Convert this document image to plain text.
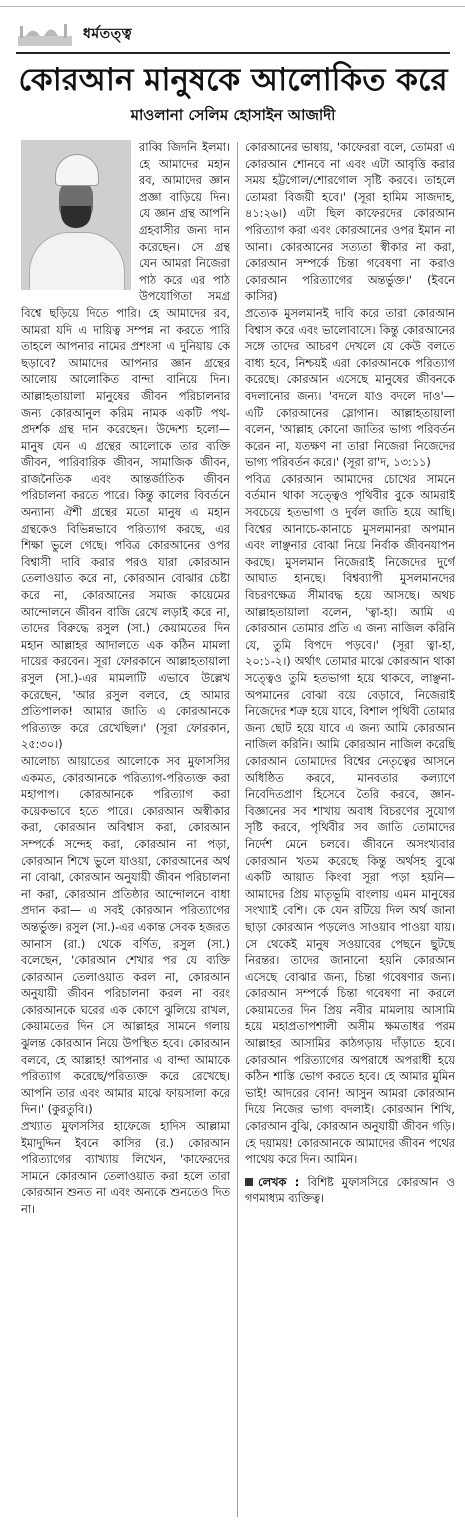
ধর্মতত্ত্ব
কোরআন মানুষকে আলোকিত করে
মাওলানা সেলিম হোসাইন আজাদী

রাব্বি জিদনি ইলমা। হে আমাদের মহান রব, আমাদের জ্ঞান প্রজ্ঞা বাড়িয়ে দিন। যে জ্ঞান গ্রন্থ আপনি গ্রহবাসীর জন্য দান করেছেন। সে গ্রন্থ যেন আমরা নিজেরা পাঠ করে এর পাঠ উপযোগিতা সমগ্র বিশ্বে ছড়িয়ে দিতে পারি। হে আমাদের রব, আমরা যদি এ দায়িত্ব সম্পন্ন না করতে পারি তাহলে আপনার নামের প্রশংসা এ দুনিয়ায় কে ছড়াবে? আমাদের আপনার জ্ঞান গ্রন্থের আলোয় আলোকিত বান্দা বানিয়ে দিন। আল্লাহতায়ালা মানুষের জীবন পরিচালনার জন্য কোরআনুল করিম নামক একটি পথ-প্রদর্শক গ্রন্থ দান করেছেন। উদ্দেশ্য হলো— মানুষ যেন এ গ্রন্থের আলোকে তার ব্যক্তি জীবন, পারিবারিক জীবন, সামাজিক জীবন, রাজনৈতিক এবং আন্তর্জাতিক জীবন পরিচালনা করতে পারে। কিন্তু কালের বিবর্তনে অন্যান্য ঐশী গ্রন্থের মতো মানুষ এ মহান গ্রন্থকেও বিভিন্নভাবে পরিত্যাগ করছে, এর শিক্ষা ভুলে গেছে। পবিত্র কোরআনের ওপর বিশ্বাসী দাবি করার পরও যারা কোরআন তেলাওয়াত করে না, কোরআন বোঝার চেষ্টা করে না, কোরআনের সমাজ কায়েমের আন্দোলনে জীবন বাজি রেখে লড়াই করে না, তাদের বিরুদ্ধে রসুল (সা.) কেয়ামতের দিন মহান আল্লাহর আদালতে এক কঠিন মামলা দায়ের করবেন। সূরা ফোরকানে আল্লাহতায়ালা রসুল (সা.)-এর মামলাটি এভাবে উল্লেখ করেছেন, 'আর রসুল বলবে, হে আমার প্রতিপালক! আমার জাতি এ কোরআনকে পরিত্যক্ত করে রেখেছিল।' (সূরা ফোরকান, ২৫:৩০।)

আলোচ্য আয়াতের আলোকে সব মুফাসসির একমত, কোরআনকে পরিত্যাগ-পরিত্যক্ত করা মহাপাপ। কোরআনকে পরিত্যাগ করা কয়েকভাবে হতে পারে। কোরআন অস্বীকার করা, কোরআন অবিশ্বাস করা, কোরআন সম্পর্কে সন্দেহ করা, কোরআন না পড়া, কোরআন শিখে ভুলে যাওয়া, কোরআনের অর্থ না বোঝা, কোরআন অনুযায়ী জীবন পরিচালনা না করা, কোরআন প্রতিষ্ঠার আন্দোলনে বাধা প্রদান করা— এ সবই কোরআন পরিত্যাগের অন্তর্ভুক্ত। রসুল (সা.)-এর একান্ত সেবক হজরত আনাস (রা.) থেকে বর্ণিত, রসুল (সা.) বলেছেন, 'কোরআন শেখার পর যে ব্যক্তি কোরআন তেলাওয়াত করল না, কোরআন অনুযায়ী জীবন পরিচালনা করল না বরং কোরআনকে ঘরের এক কোণে ঝুলিয়ে রাখল, কেয়ামতের দিন সে আল্লাহর সামনে গলায় ঝুলন্ত কোরআন নিয়ে উপস্থিত হবে। কোরআন বলবে, হে আল্লাহ! আপনার এ বান্দা আমাকে পরিত্যাগ করেছে/পরিত্যক্ত করে রেখেছে। আপনি তার এবং আমার মাঝে ফায়সালা করে দিন।' (কুরতুবি।)

প্রখ্যাত মুফাসসির হাফেজে হাদিস আল্লামা ইমাদুদ্দিন ইবনে কাসির (র.) কোরআন পরিত্যাগের ব্যাখ্যায় লিখেন, 'কাফেরদের সামনে কোরআন তেলাওয়াত করা হলে তারা কোরআন শুনত না এবং অন্যকে শুনতেও দিত না।

কোরআনের ভাষায়, 'কাফেররা বলে, তোমরা এ কোরআন শোনবে না এবং এটা আবৃত্তি করার সময় হট্টগোল/শোরগোল সৃষ্টি করবে। তাহলে তোমরা বিজয়ী হবে।' (সূরা হামিম সাজদাহ, ৪১:২৬।) এটা ছিল কাফেরদের কোরআন পরিত্যাগ করা এবং কোরআনের ওপর ইমান না আনা। কোরআনের সত্যতা স্বীকার না করা, কোরআন সম্পর্কে চিন্তা গবেষণা না করাও কোরআন পরিত্যাগের অন্তর্ভুক্ত।' (ইবনে কাসির)

প্রত্যেক মুসলমানই দাবি করে তারা কোরআন বিশ্বাস করে এবং ভালোবাসে। কিন্তু কোরআনের সঙ্গে তাদের আচরণ দেখলে যে কেউ বলতে বাধ্য হবে, নিশ্চয়ই এরা কোরআনকে পরিত্যাগ করেছে। কোরআন এসেছে মানুষের জীবনকে বদলানোর জন্য। 'বদলে যাও বদলে দাও'— এটি কোরআনের স্লোগান। আল্লাহতায়ালা বলেন, 'আল্লাহ কোনো জাতির ভাগ্য পরিবর্তন করেন না, যতক্ষণ না তারা নিজেরা নিজেদের ভাগ্য পরিবর্তন করে।' (সূরা রা'দ, ১৩:১১)

পবিত্র কোরআন আমাদের চোখের সামনে বর্তমান থাকা সত্ত্বেও পৃথিবীর বুকে আমরাই সবচেয়ে হতভাগা ও দুর্বল জাতি হয়ে আছি। বিশ্বের আনাচে-কানাচে মুসলমানরা অপমান এবং লাঞ্ছনার বোঝা নিয়ে নির্বাক জীবনযাপন করছে। মুসলমান নিজেরাই নিজেদের দুর্গে আঘাত হানছে। বিশ্বব্যাপী মুসলমানদের বিচরণক্ষেত্র সীমাবদ্ধ হয়ে আসছে। অথচ আল্লাহতায়ালা বলেন, 'ত্বা-হা। আমি এ কোরআন তোমার প্রতি এ জন্য নাজিল করিনি যে, তুমি বিপদে পড়বে।' (সূরা ত্বা-হা, ২০:১-২।) অর্থাৎ তোমার মাঝে কোরআন থাকা সত্ত্বেও তুমি হতভাগা হয়ে থাকবে, লাঞ্ছনা-অপমানের বোঝা বয়ে বেড়াবে, নিজেরাই নিজেদের শত্রু হয়ে যাবে, বিশাল পৃথিবী তোমার জন্য ছোট হয়ে যাবে এ জন্য আমি কোরআন নাজিল করিনি। আমি কোরআন নাজিল করেছি কোরআন তোমাদের বিশ্বের নেতৃত্বের আসনে অধিষ্ঠিত করবে, মানবতার কল্যাণে নিবেদিতপ্রাণ হিসেবে তৈরি করবে, জ্ঞান-বিজ্ঞানের সব শাখায় অবাধ বিচরণের সুযোগ সৃষ্টি করবে, পৃথিবীর সব জাতি তোমাদের নির্দেশ মেনে চলবে। জীবনে অসংখ্যবার কোরআন খতম করেছে কিন্তু অর্থসহ বুঝে একটি আয়াত কিংবা সূরা পড়া হয়নি— আমাদের প্রিয় মাতৃভূমি বাংলায় এমন মানুষের সংখ্যাই বেশি। কে যেন রটিয়ে দিল অর্থ জানা ছাড়া কোরআন পড়লেও সাওয়াব পাওয়া যায়। সে থেকেই মানুষ সওয়াবের পেছনে ছুটছে নিরন্তর। তাদের জানানো হয়নি কোরআন এসেছে বোঝার জন্য, চিন্তা গবেষণার জন্য। কোরআন সম্পর্কে চিন্তা গবেষণা না করলে কেয়ামতের দিন প্রিয় নবীর মামলায় আসামি হয়ে মহাপ্রতাপশালী অসীম ক্ষমতাধর পরম আল্লাহর আসামির কাঠগড়ায় দাঁড়াতে হবে। কোরআন পরিত্যাগের অপরাধে অপরাধী হয়ে কঠিন শাস্তি ভোগ করতে হবে। হে আমার মুমিন ভাই! আদরের বোন! আসুন আমরা কোরআন দিয়ে নিজের ভাগ্য বদলাই। কোরআন শিখি, কোরআন বুঝি, কোরআন অনুযায়ী জীবন গড়ি। হে দয়াময়! কোরআনকে আমাদের জীবন পথের পাথেয় করে দিন। আমিন।

লেখক : বিশিষ্ট মুফাসসিরে কোরআন ও গণমাধ্যম ব্যক্তিত্ব।
